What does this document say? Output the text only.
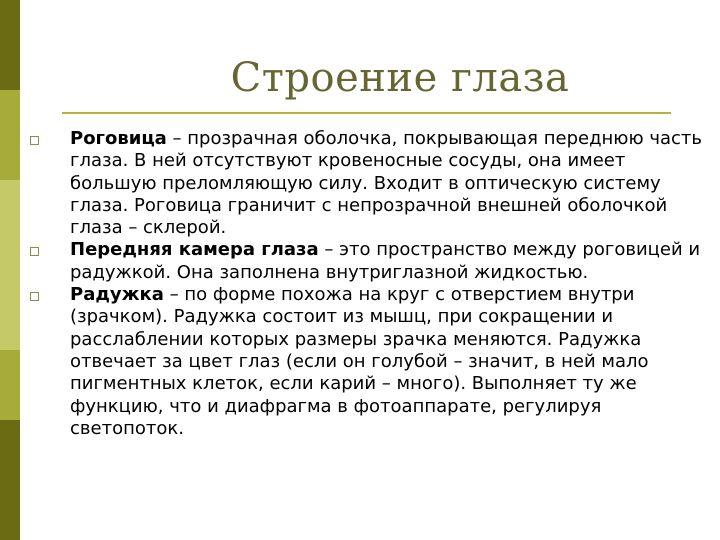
Строение глаза
Роговица – прозрачная оболочка, покрывающая переднюю часть глаза. В ней отсутствуют кровеносные сосуды, она имеет большую преломляющую силу. Входит в оптическую систему глаза. Роговица граничит с непрозрачной внешней оболочкой глаза – склерой.
Передняя камера глаза – это пространство между роговицей и радужкой. Она заполнена внутриглазной жидкостью.
Радужка – по форме похожа на круг с отверстием внутри (зрачком). Радужка состоит из мышц, при сокращении и расслаблении которых размеры зрачка меняются. Радужка отвечает за цвет глаз (если он голубой – значит, в ней мало пигментных клеток, если карий – много). Выполняет ту же функцию, что и диафрагма в фотоаппарате, регулируя светопоток.
